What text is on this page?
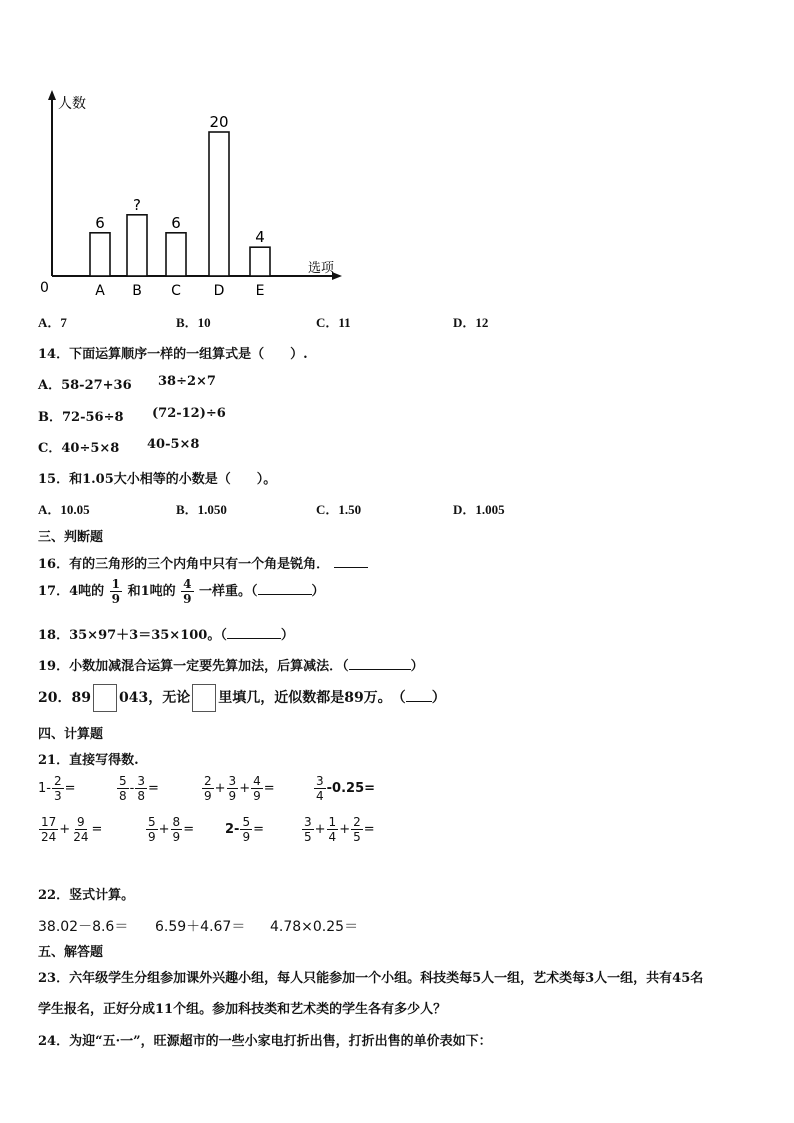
人数
选项
0
6
A
?
B
6
C
20
D
4
E
A．7	B．10	C．11	D．12
14．下面运算顺序一样的一组算式是（　　）.
A．58-27+36 38÷2×7
B．72-56÷8 (72-12)÷6
C．40÷5×8 40-5×8
15．和1.05大小相等的小数是（　　）。
A．10.05	B．1.050	C．1.50	D．1.005
三、判断题
16．有的三角形的三个内角中只有一个角是锐角．
17．4吨的 $\frac{1}{9}$ 和1吨的 $\frac{4}{9}$ 一样重。（	）
18．35×97＋3＝35×100。（	）
19．小数加减混合运算一定要先算加法，后算减法．（	）
20．89 043，无论 里填几，近似数都是89万。　（ ）
四、计算题
21．直接写得数.
$1- \frac{2}{3}$ =	$\frac{5}{8} - \frac{3}{8}$ =	$\frac{2}{9} + \frac{3}{9} + \frac{4}{9}$ =	$\frac{3}{4} -0.25=$
$\frac{17}{24} + \frac{9}{24}$ =	$\frac{5}{9} + \frac{8}{9} = 2- \frac{5}{9}$ =	$\frac{3}{5} + \frac{1}{4} + \frac{2}{5}$ =
22．竖式计算。
38.02－8.6＝ 6.59＋4.67＝ 4.78×0.25＝
五、解答题
23．六年级学生分组参加课外兴趣小组，每人只能参加一个小组。科技类每5人一组，艺术类每3人一组，共有45名
学生报名，正好分成11个组。参加科技类和艺术类的学生各有多少人？
24．为迎“五·一”，旺源超市的一些小家电打折出售，打折出售的单价表如下：
